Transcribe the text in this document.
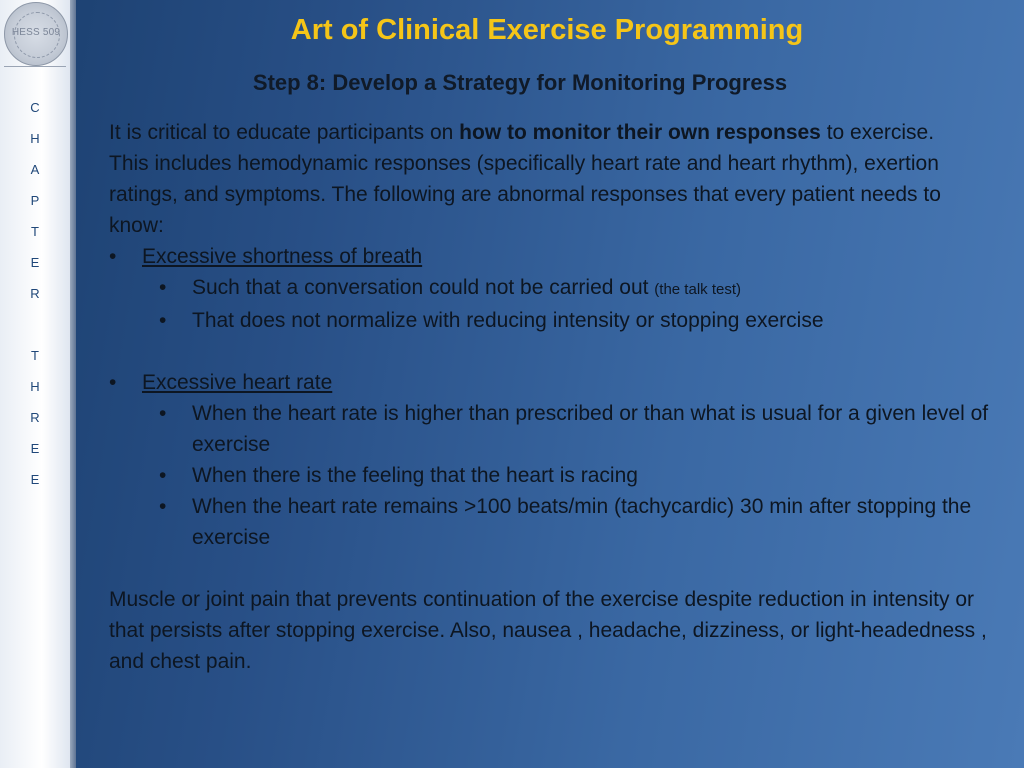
HESS 509
C
H
A
P
T
E
R
T
H
R
E
E
Art of Clinical Exercise Programming
Step 8: Develop a Strategy for Monitoring Progress

It is critical to educate participants on how to monitor their own responses to exercise.

This includes hemodynamic responses (specifically heart rate and heart rhythm), exertion ratings, and symptoms. The following are abnormal responses that every patient needs to know:

• Excessive shortness of breath

• Such that a conversation could not be carried out (the talk test)

• That does not normalize with reducing intensity or stopping exercise

• Excessive heart rate

• When the heart rate is higher than prescribed or than what is usual for a given level of exercise

• When there is the feeling that the heart is racing

• When the heart rate remains >100 beats/min (tachycardic) 30 min after stopping the exercise

Muscle or joint pain that prevents continuation of the exercise despite reduction in intensity or that persists after stopping exercise. Also, nausea , headache, dizziness, or light-headedness , and chest pain.
